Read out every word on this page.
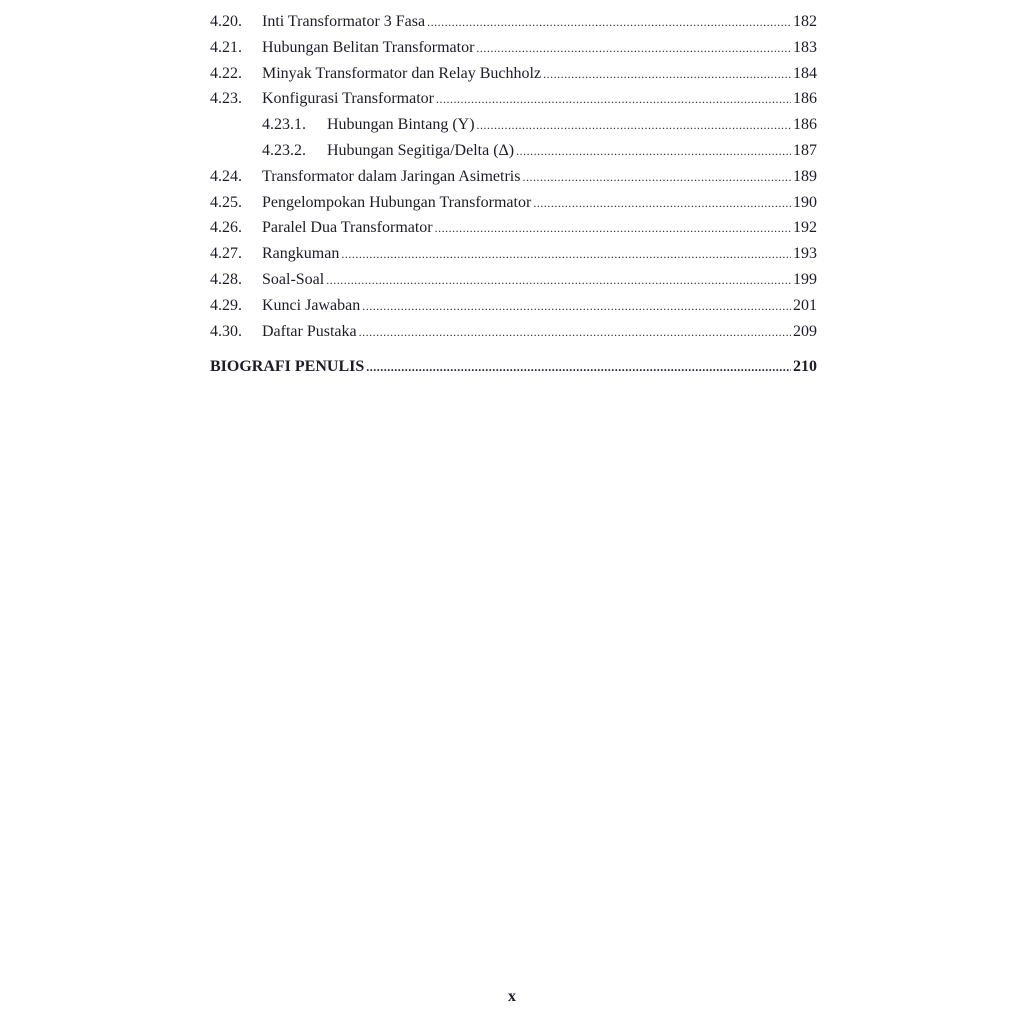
4.20.	Inti Transformator 3 Fasa .....	182
4.21.	Hubungan Belitan Transformator .....	183
4.22.	Minyak Transformator dan Relay Buchholz .....	184
4.23.	Konfigurasi Transformator .....	186
4.23.1.	Hubungan Bintang (Y) .....	186
4.23.2.	Hubungan Segitiga/Delta (Δ) .....	187
4.24.	Transformator dalam Jaringan Asimetris .....	189
4.25.	Pengelompokan Hubungan Transformator .....	190
4.26.	Paralel Dua Transformator .....	192
4.27.	Rangkuman .....	193
4.28.	Soal-Soal .....	199
4.29.	Kunci Jawaban .....	201
4.30.	Daftar Pustaka .....	209
BIOGRAFI PENULIS .....	210
x
